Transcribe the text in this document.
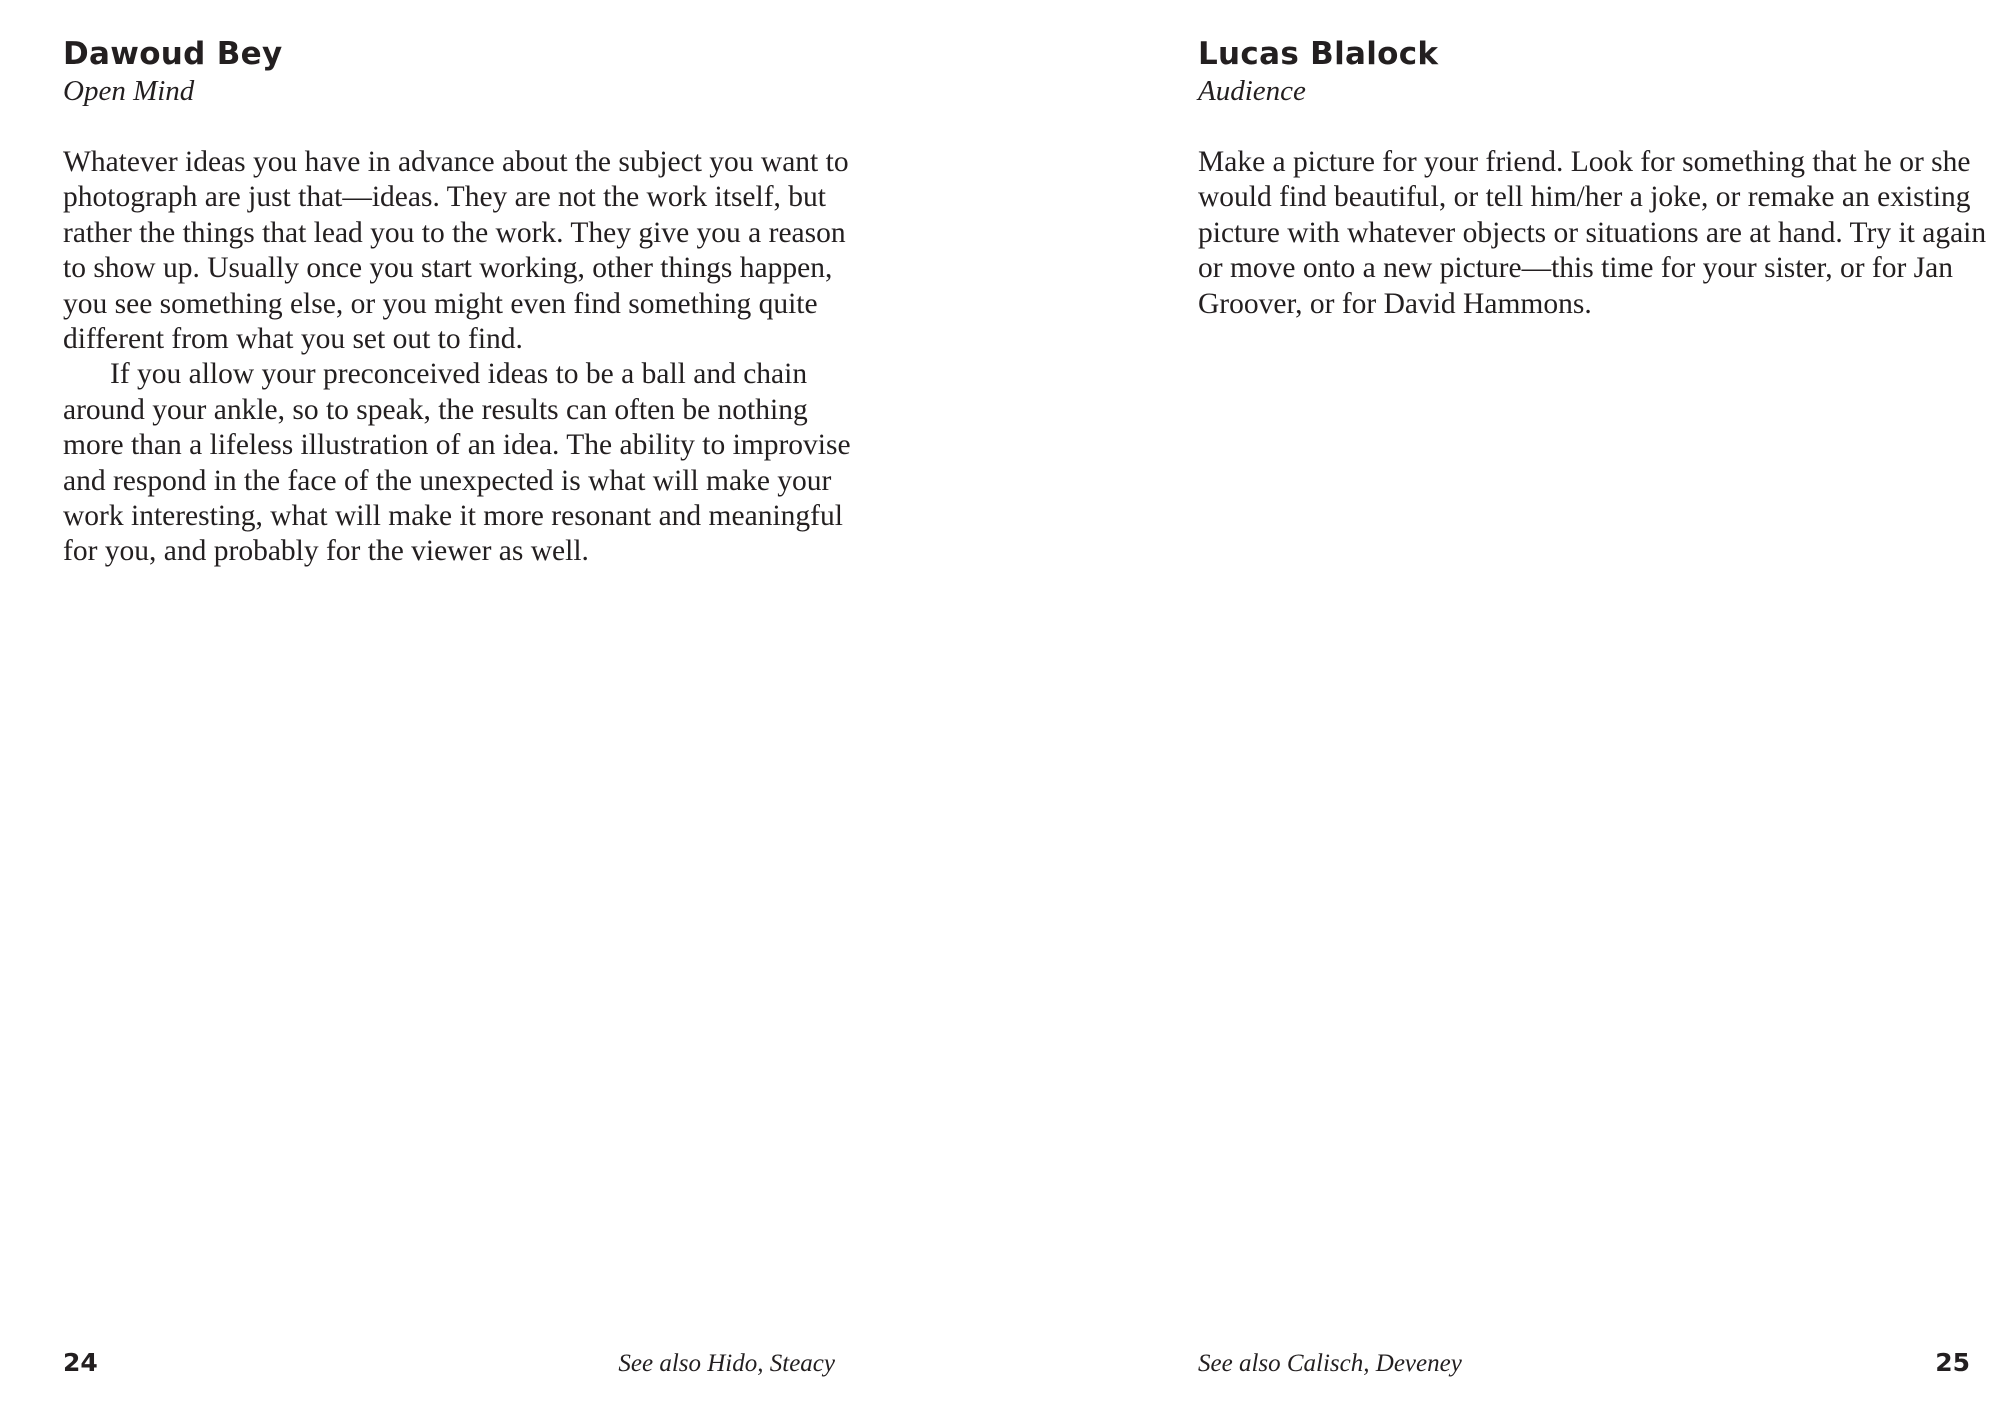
Dawoud Bey
Open Mind

Whatever ideas you have in advance about the subject you want to photograph are just that—ideas. They are not the work itself, but rather the things that lead you to the work. They give you a reason to show up. Usually once you start working, other things happen, you see something else, or you might even find something quite different from what you set out to find.

If you allow your preconceived ideas to be a ball and chain around your ankle, so to speak, the results can often be nothing more than a lifeless illustration of an idea. The ability to improvise and respond in the face of the unexpected is what will make your work interesting, what will make it more resonant and meaningful for you, and probably for the viewer as well.

24	See also Hido, Steacy
Lucas Blalock
Audience

Make a picture for your friend. Look for something that he or she would find beautiful, or tell him/her a joke, or remake an existing picture with whatever objects or situations are at hand. Try it again or move onto a new picture—this time for your sister, or for Jan Groover, or for David Hammons.

See also Calisch, Deveney	25
